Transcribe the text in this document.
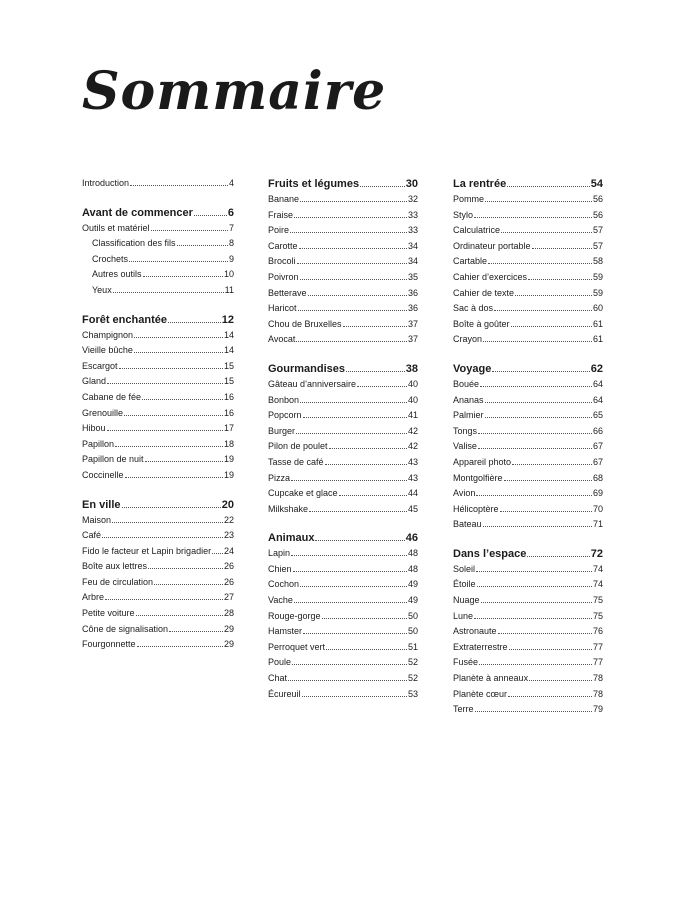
Sommaire
Introduction	4
Avant de commencer	6
Outils et matériel	7
Classification des fils	8
Crochets	9
Autres outils	10
Yeux	11
Forêt enchantée	12
Champignon	14
Vieille bûche	14
Escargot	15
Gland	15
Cabane de fée	16
Grenouille	16
Hibou	17
Papillon	18
Papillon de nuit	19
Coccinelle	19
En ville	20
Maison	22
Café	23
Fido le facteur et Lapin brigadier 24
Boîte aux lettres	26
Feu de circulation	26
Arbre	27
Petite voiture	28
Cône de signalisation	29
Fourgonnette	29
Fruits et légumes	30
Banane	32
Fraise	33
Poire	33
Carotte	34
Brocoli	34
Poivron	35
Betterave	36
Haricot	36
Chou de Bruxelles	37
Avocat	37
Gourmandises	38
Gâteau d’anniversaire	40
Bonbon	40
Popcorn	41
Burger	42
Pilon de poulet	42
Tasse de café	43
Pizza	43
Cupcake et glace	44
Milkshake	45
Animaux	46
Lapin	48
Chien	48
Cochon	49
Vache	49
Rouge-gorge	50
Hamster	50
Perroquet vert	51
Poule	52
Chat	52
Écureuil	53
La rentrée	54
Pomme	56
Stylo	56
Calculatrice	57
Ordinateur portable	57
Cartable	58
Cahier d’exercices	59
Cahier de texte	59
Sac à dos	60
Boîte à goûter	61
Crayon	61
Voyage	62
Bouée	64
Ananas	64
Palmier	65
Tongs	66
Valise	67
Appareil photo	67
Montgolfière	68
Avion	69
Hélicoptère	70
Bateau	71
Dans l’espace	72
Soleil	74
Étoile	74
Nuage	75
Lune	75
Astronaute	76
Extraterrestre	77
Fusée	77
Planète à anneaux	78
Planète cœur	78
Terre	79
